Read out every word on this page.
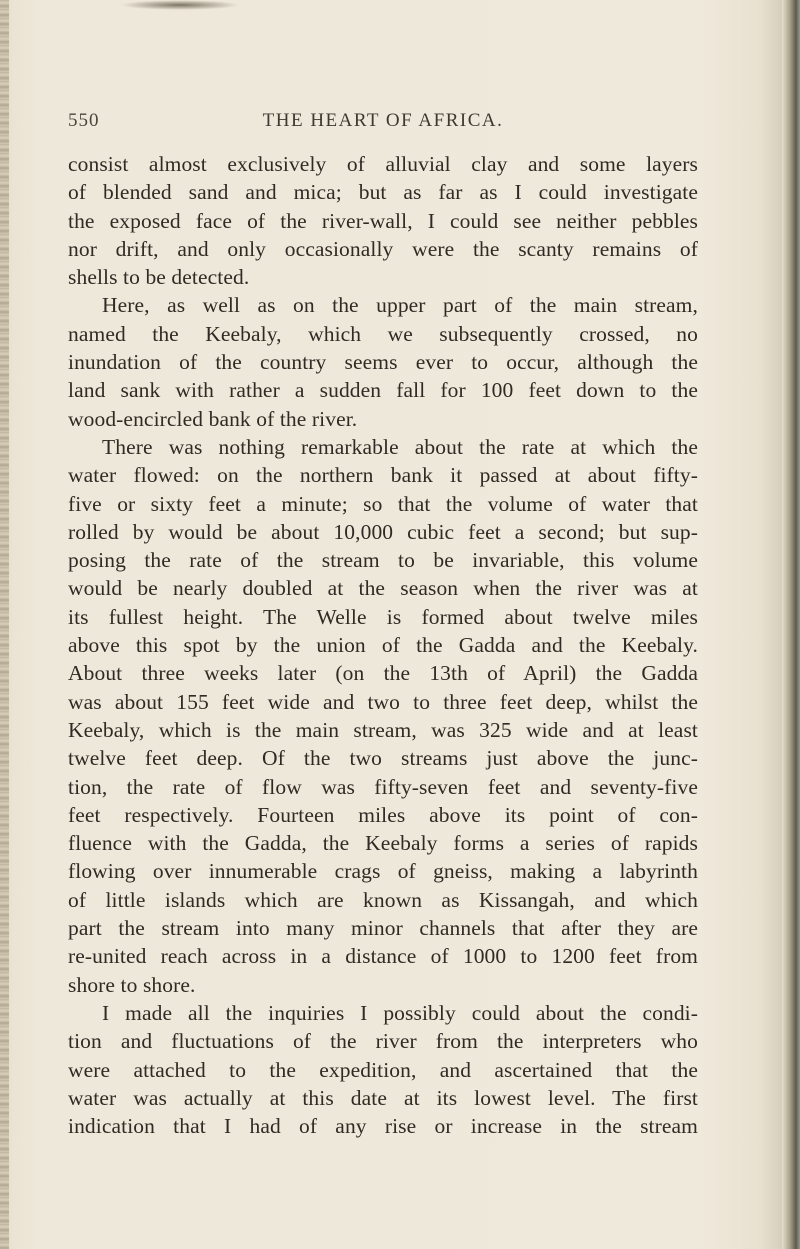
550	THE HEART OF AFRICA.
consist almost exclusively of alluvial clay and some layers
of blended sand and mica; but as far as I could investigate
the exposed face of the river-wall, I could see neither pebbles
nor drift, and only occasionally were the scanty remains of
shells to be detected.
Here, as well as on the upper part of the main stream,
named the Keebaly, which we subsequently crossed, no
inundation of the country seems ever to occur, although the
land sank with rather a sudden fall for 100 feet down to the
wood-encircled bank of the river.
There was nothing remarkable about the rate at which the
water flowed: on the northern bank it passed at about fifty-
five or sixty feet a minute; so that the volume of water that
rolled by would be about 10,000 cubic feet a second; but sup-
posing the rate of the stream to be invariable, this volume
would be nearly doubled at the season when the river was at
its fullest height. The Welle is formed about twelve miles
above this spot by the union of the Gadda and the Keebaly.
About three weeks later (on the 13th of April) the Gadda
was about 155 feet wide and two to three feet deep, whilst the
Keebaly, which is the main stream, was 325 wide and at least
twelve feet deep. Of the two streams just above the junc-
tion, the rate of flow was fifty-seven feet and seventy-five
feet respectively. Fourteen miles above its point of con-
fluence with the Gadda, the Keebaly forms a series of rapids
flowing over innumerable crags of gneiss, making a labyrinth
of little islands which are known as Kissangah, and which
part the stream into many minor channels that after they are
re-united reach across in a distance of 1000 to 1200 feet from
shore to shore.
I made all the inquiries I possibly could about the condi-
tion and fluctuations of the river from the interpreters who
were attached to the expedition, and ascertained that the
water was actually at this date at its lowest level. The first
indication that I had of any rise or increase in the stream
